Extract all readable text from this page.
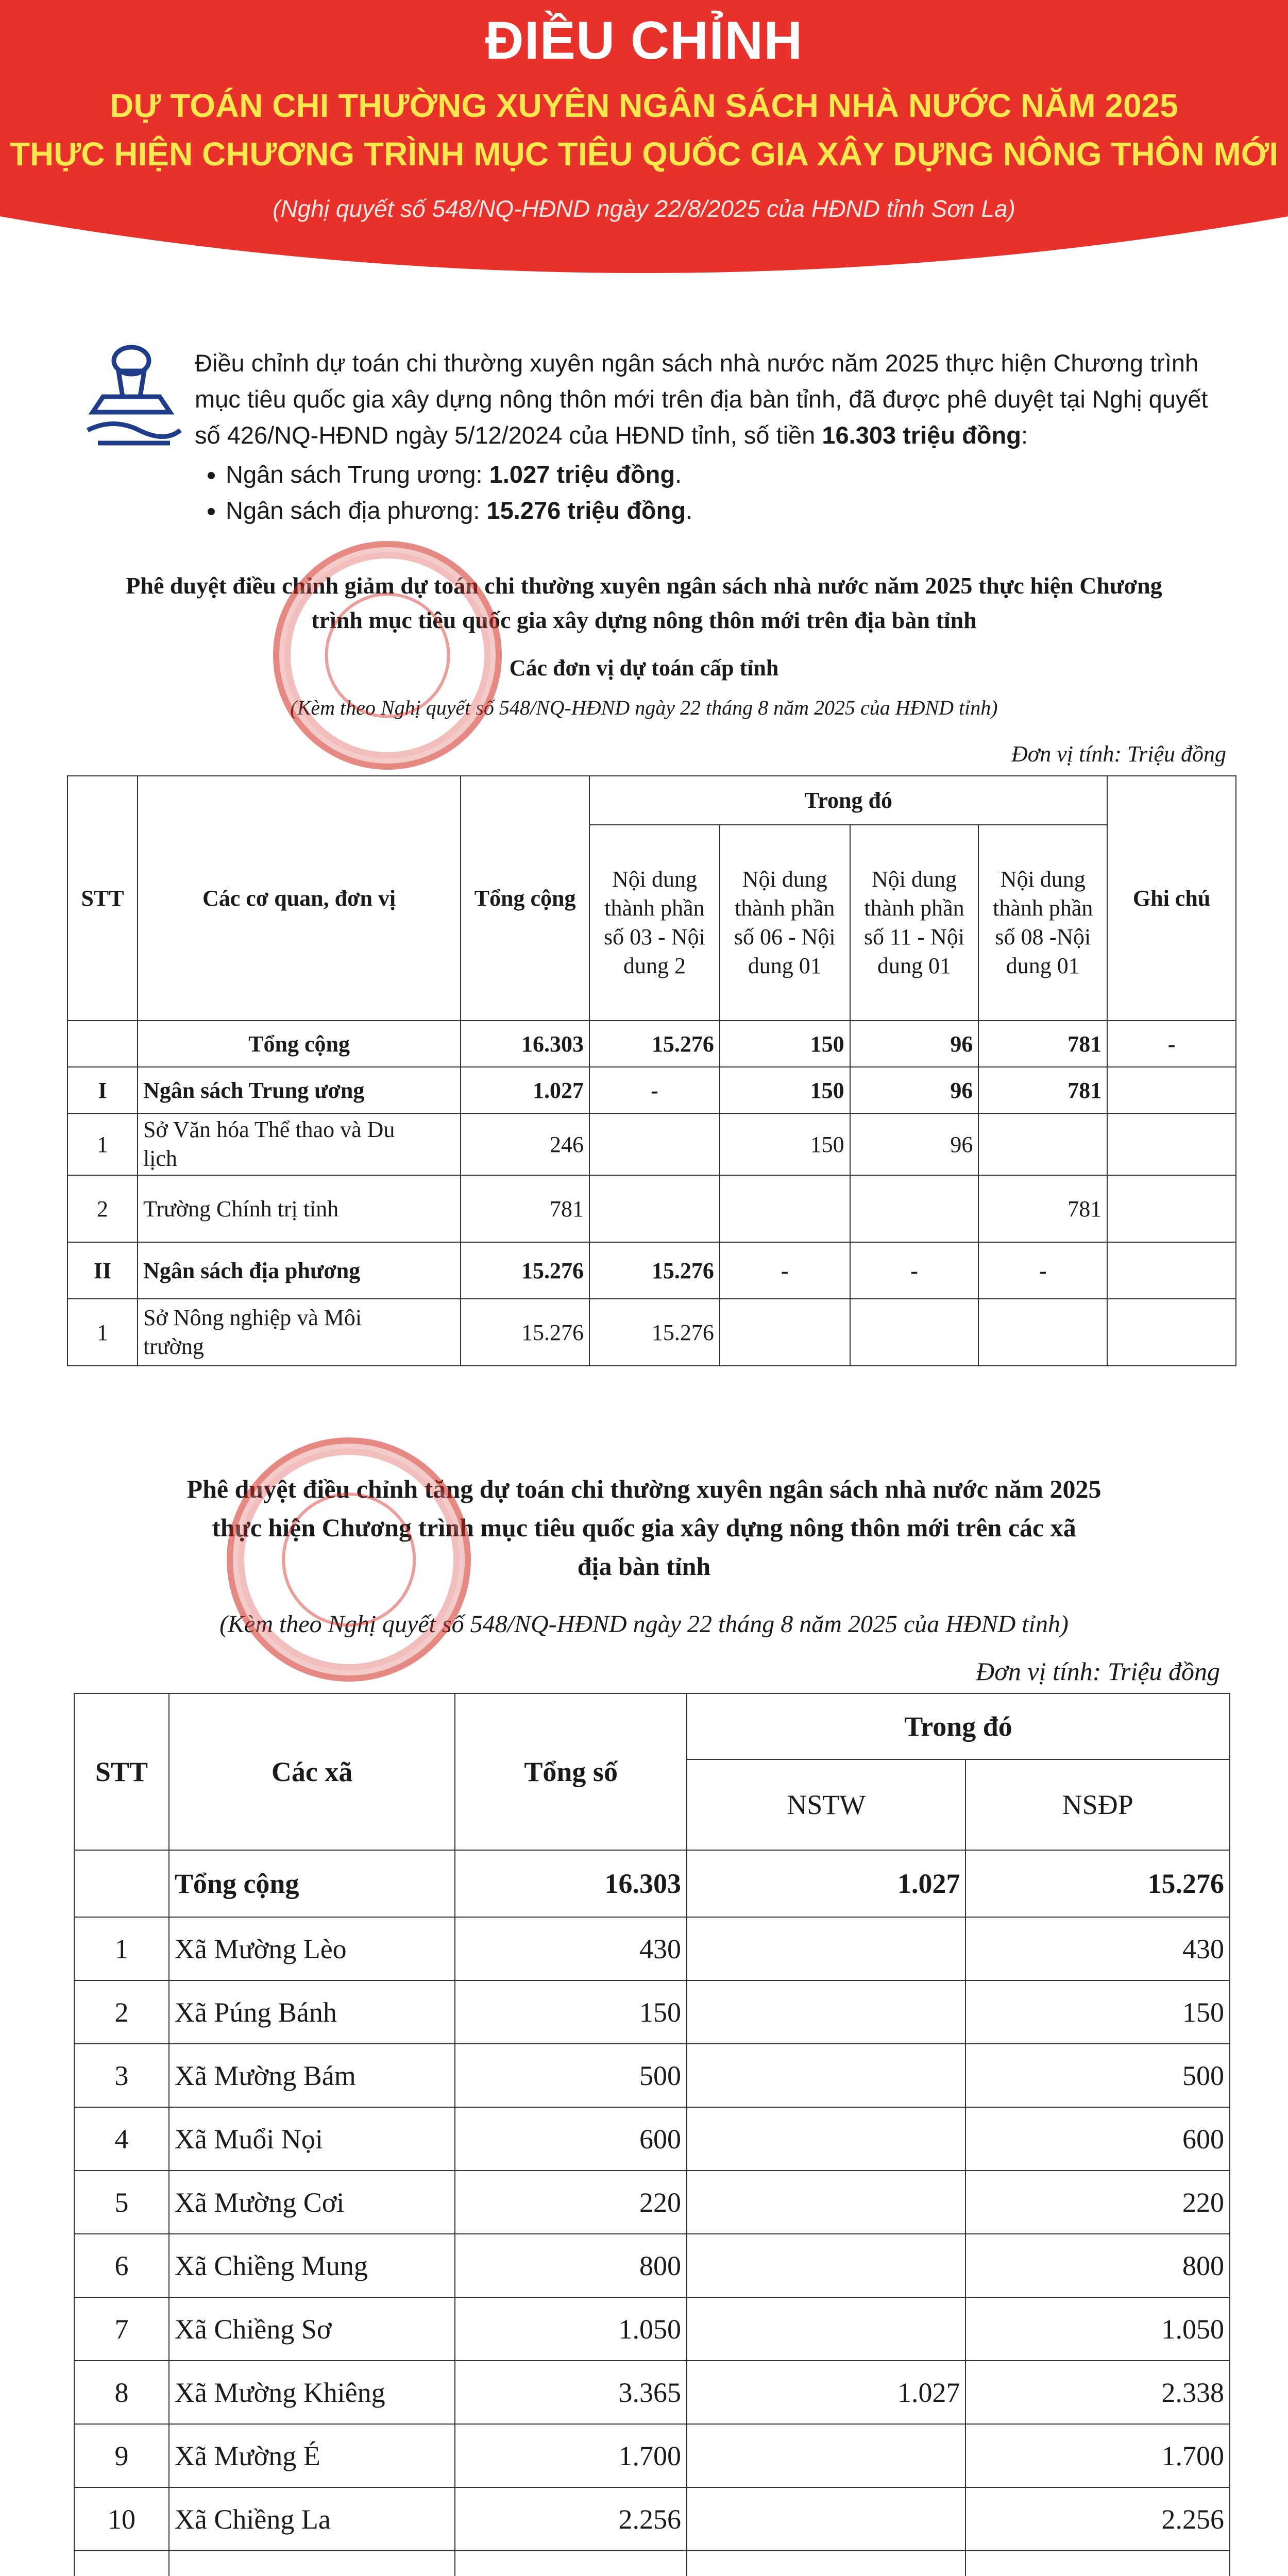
ĐIỀU CHỈNH
DỰ TOÁN CHI THƯỜNG XUYÊN NGÂN SÁCH NHÀ NƯỚC NĂM 2025
THỰC HIỆN CHƯƠNG TRÌNH MỤC TIÊU QUỐC GIA XÂY DỰNG NÔNG THÔN MỚI
(Nghị quyết số 548/NQ-HĐND ngày 22/8/2025 của HĐND tỉnh Sơn La)

Điều chỉnh dự toán chi thường xuyên ngân sách nhà nước năm 2025 thực hiện Chương trình mục tiêu quốc gia xây dựng nông thôn mới trên địa bàn tỉnh, đã được phê duyệt tại Nghị quyết số 426/NQ-HĐND ngày 5/12/2024 của HĐND tỉnh, số tiền 16.303 triệu đồng:

• Ngân sách Trung ương: 1.027 triệu đồng.
• Ngân sách địa phương: 15.276 triệu đồng.
Phê duyệt điều chỉnh giảm dự toán chi thường xuyên ngân sách nhà nước năm 2025 thực hiện Chương
trình mục tiêu quốc gia xây dựng nông thôn mới trên địa bàn tỉnh
Các đơn vị dự toán cấp tỉnh
(Kèm theo Nghị quyết số 548/NQ-HĐND ngày 22 tháng 8 năm 2025 của HĐND tỉnh)
Đơn vị tính: Triệu đồng
STT	Các cơ quan, đơn vị	Tổng cộng	Trong đó				Ghi chú
			Nội dung
thành phần
số 03 - Nội
dung 2	Nội dung
thành phần
số 06 - Nội
dung 01	Nội dung
thành phần
số 11 - Nội
dung 01	Nội dung
thành phần
số 08 -Nội
dung 01	
	Tổng cộng	16.303	15.276	150	96	781	-
I	Ngân sách Trung ương	1.027	-	150	96	781	
1	Sở Văn hóa Thể thao và Du
lịch	246		150	96		
2	Trường Chính trị tỉnh	781				781	
II	Ngân sách địa phương	15.276	15.276	-	-	-	
1	Sở Nông nghiệp và Môi
trường	15.276	15.276				
Phê duyệt điều chỉnh tăng dự toán chi thường xuyên ngân sách nhà nước năm 2025
thực hiện Chương trình mục tiêu quốc gia xây dựng nông thôn mới trên các xã
địa bàn tỉnh
(Kèm theo Nghị quyết số 548/NQ-HĐND ngày 22 tháng 8 năm 2025 của HĐND tỉnh)
Đơn vị tính: Triệu đồng
STT	Các xã	Tổng số	Trong đó	
			NSTW	NSĐP
	Tổng cộng	16.303	1.027	15.276
1	Xã Mường Lèo	430		430
2	Xã Púng Bánh	150		150
3	Xã Mường Bám	500		500
4	Xã Muổi Nọi	600		600
5	Xã Mường Cơi	220		220
6	Xã Chiềng Mung	800		800
7	Xã Chiềng Sơ	1.050		1.050
8	Xã Mường Khiêng	3.365	1.027	2.338
9	Xã Mường É	1.700		1.700
10	Xã Chiềng La	2.256		2.256
